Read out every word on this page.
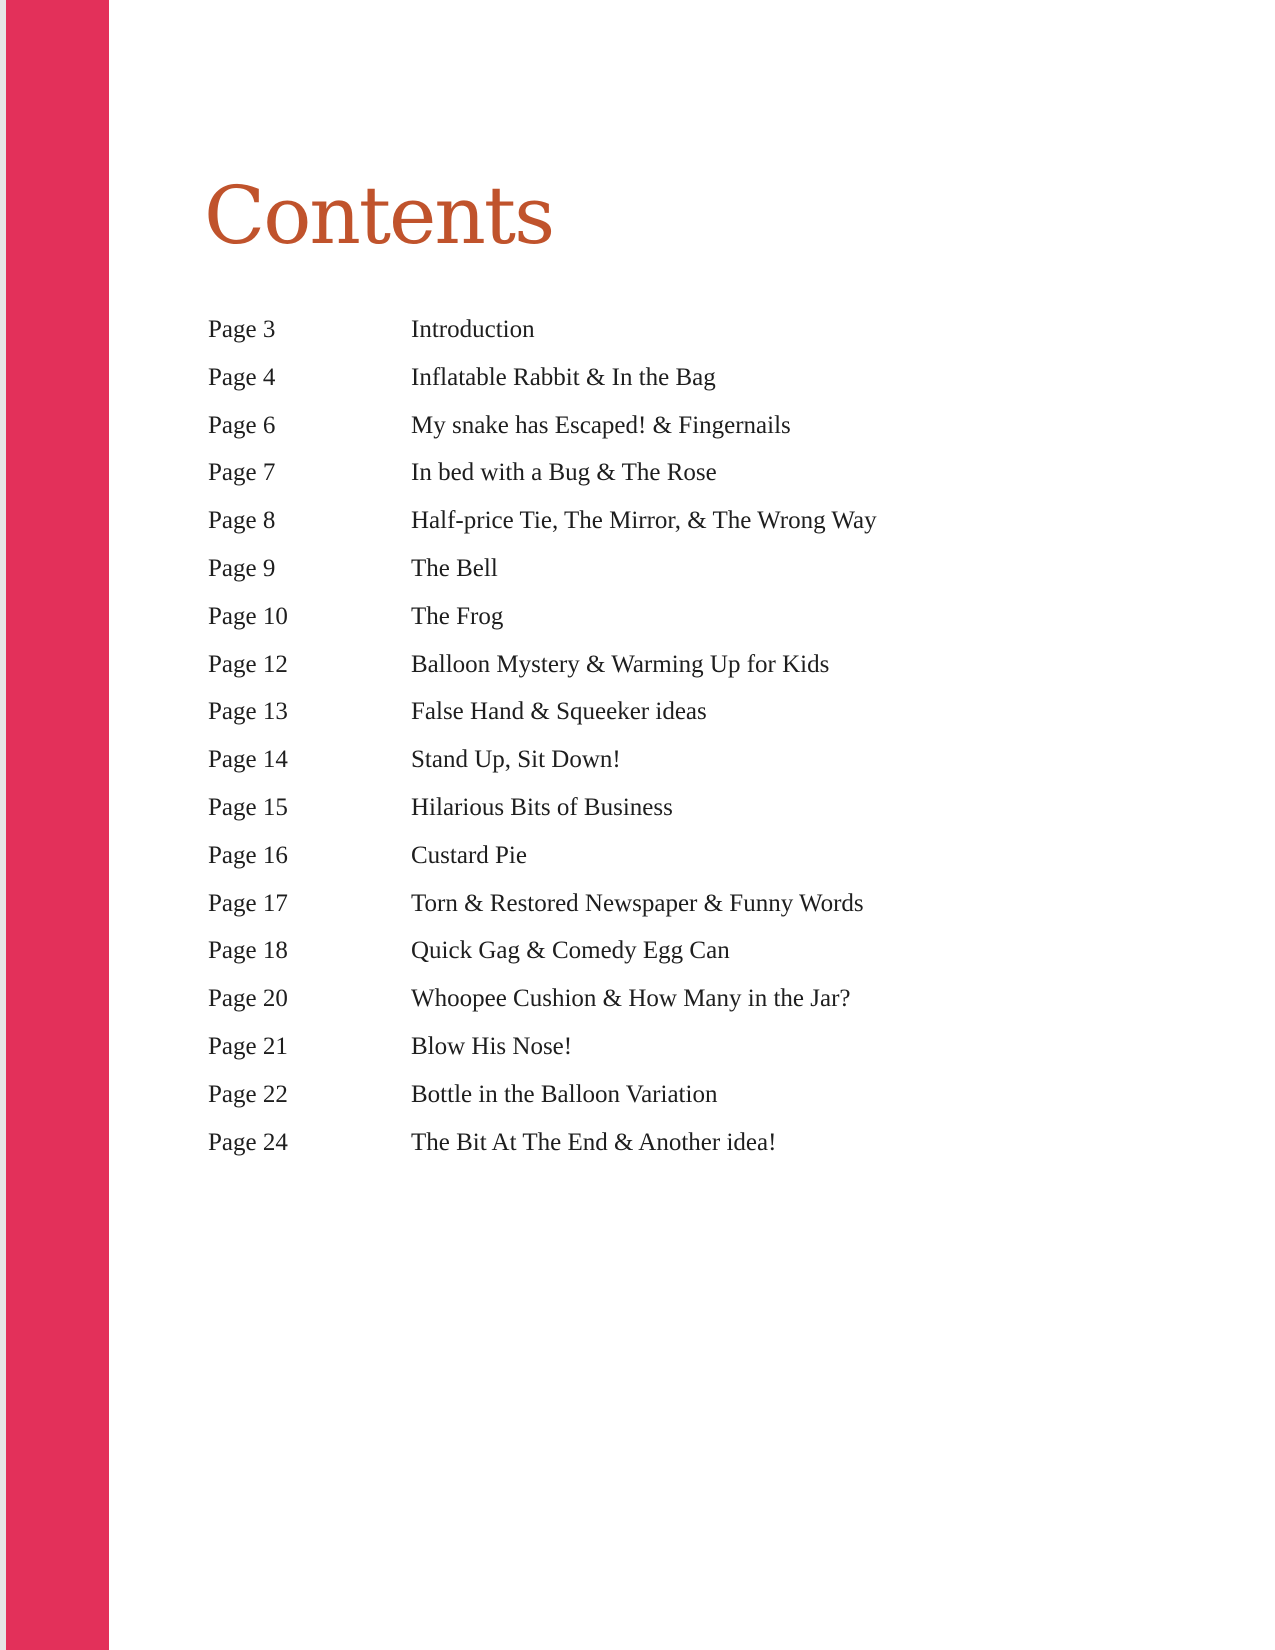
Contents
Page 3	Introduction
Page 4	Inflatable Rabbit & In the Bag
Page 6	My snake has Escaped! & Fingernails
Page 7	In bed with a Bug & The Rose
Page 8	Half-price Tie, The Mirror, & The Wrong Way
Page 9	The Bell
Page 10	The Frog
Page 12	Balloon Mystery & Warming Up for Kids
Page 13	False Hand & Squeeker ideas
Page 14	Stand Up, Sit Down!
Page 15	Hilarious Bits of Business
Page 16	Custard Pie
Page 17	Torn & Restored Newspaper & Funny Words
Page 18	Quick Gag & Comedy Egg Can
Page 20	Whoopee Cushion & How Many in the Jar?
Page 21	Blow His Nose!
Page 22	Bottle in the Balloon Variation
Page 24	The Bit At The End & Another idea!
